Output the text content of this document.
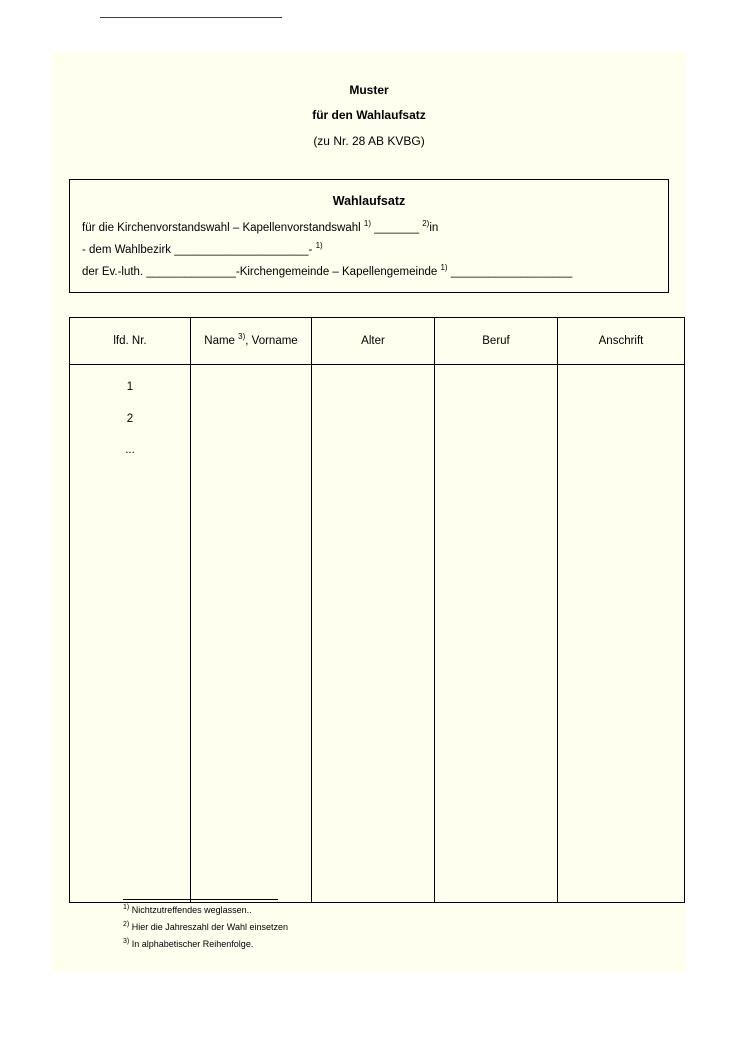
Muster
für den Wahlaufsatz
(zu Nr. 28 AB KVBG)
Wahlaufsatz
für die Kirchenvorstandswahl – Kapellenvorstandswahl $^{1)}$ _______ $^{2)}$in
- dem Wahlbezirk _____________________- $^{1)}$
der Ev.-luth. ______________-Kirchengemeinde – Kapellengemeinde $^{1)}$ ___________________
lfd. Nr.	Name $^{3)}$, Vorname	Alter	Beruf	Anschrift

1
2
...				

$^{1)}$ Nichtzutreffendes weglassen..
$^{2)}$ Hier die Jahreszahl der Wahl einsetzen
$^{3)}$ In alphabetischer Reihenfolge.
